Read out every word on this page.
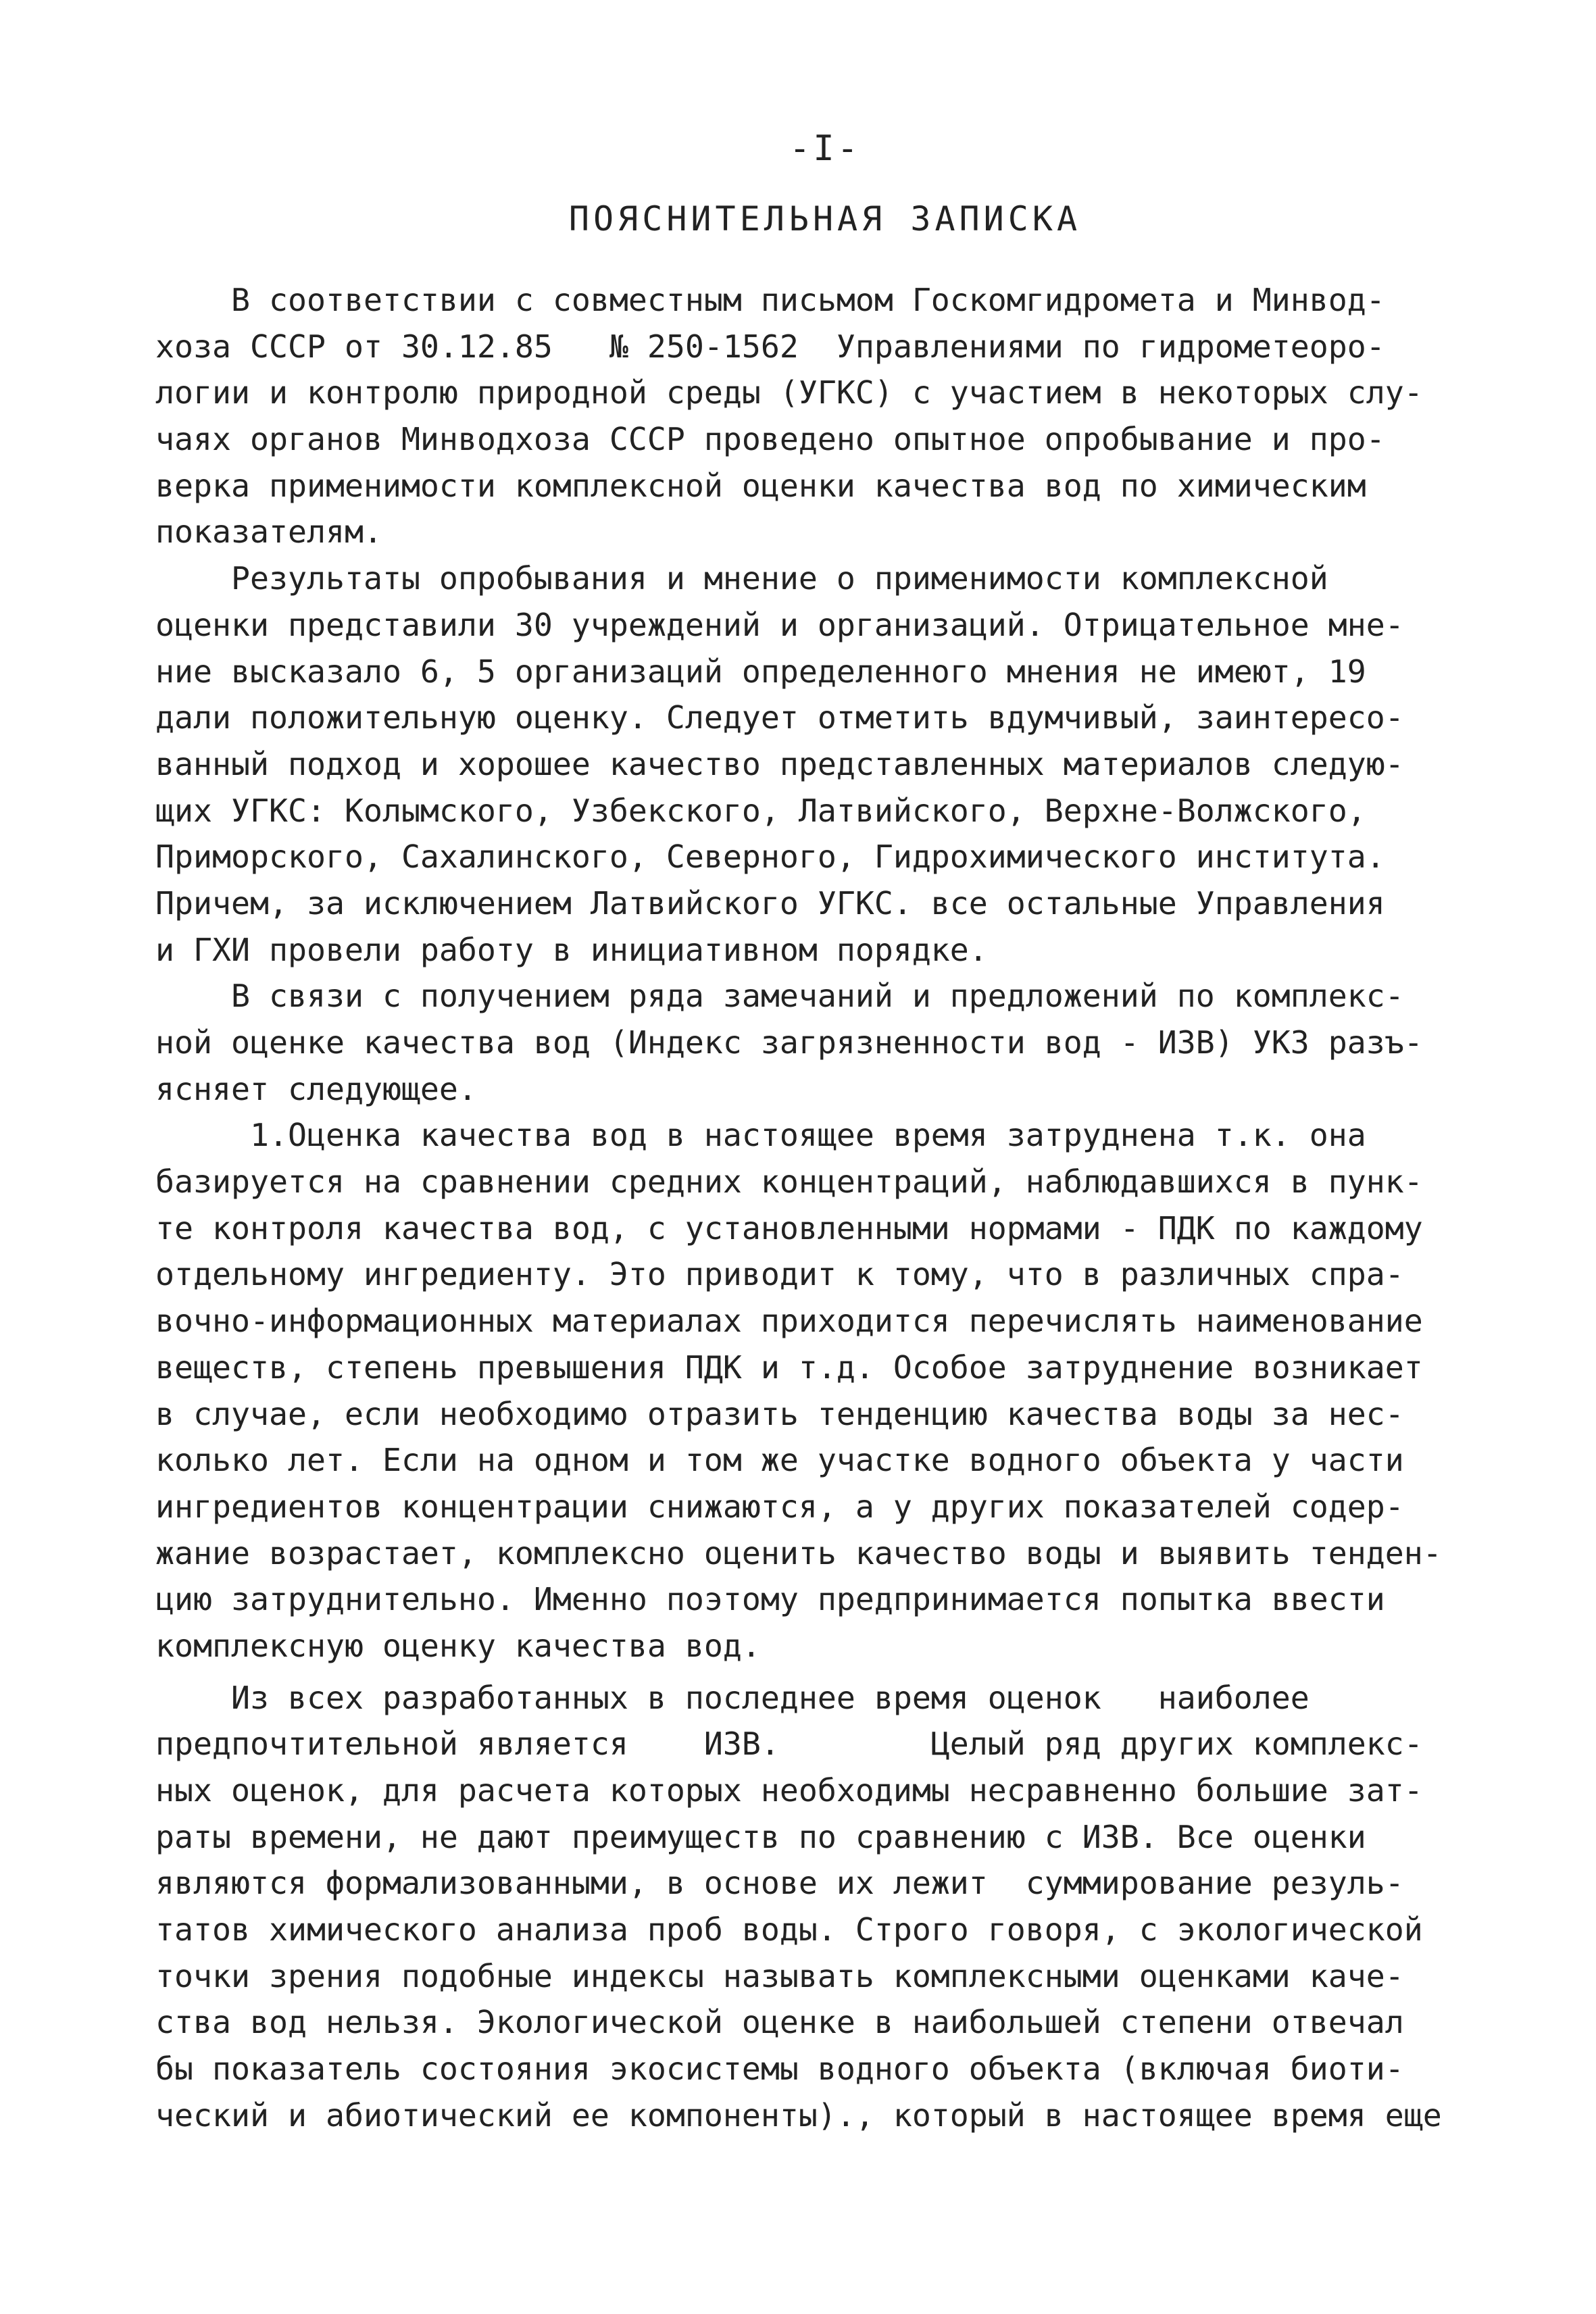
-I-
ПОЯСНИТЕЛЬНАЯ ЗАПИСКА
В соответствии с совместным письмом Госкомгидромета и Минвод-
хоза СССР от 30.12.85   № 250-1562  Управлениями по гидрометеоро-
логии и контролю природной среды (УГКС) с участием в некоторых слу-
чаях органов Минводхоза СССР проведено опытное опробывание и про-
верка применимости комплексной оценки качества вод по химическим
показателям.
Результаты опробывания и мнение о применимости комплексной
оценки представили 30 учреждений и организаций. Отрицательное мне-
ние высказало 6, 5 организаций определенного мнения не имеют, 19
дали положительную оценку. Следует отметить вдумчивый, заинтересо-
ванный подход и хорошее качество представленных материалов следую-
щих УГКС: Колымского, Узбекского, Латвийского, Верхне-Волжского,
Приморского, Сахалинского, Северного, Гидрохимического института.
Причем, за исключением Латвийского УГКС. все остальные Управления
и ГХИ провели работу в инициативном порядке.
В связи с получением ряда замечаний и предложений по комплекс-
ной оценке качества вод (Индекс загрязненности вод - ИЗВ) УКЗ разъ-
ясняет следующее.
1.Оценка качества вод в настоящее время затруднена т.к. она
базируется на сравнении средних концентраций, наблюдавшихся в пунк-
те контроля качества вод, с установленными нормами - ПДК по каждому
отдельному ингредиенту. Это приводит к тому, что в различных спра-
вочно-информационных материалах приходится перечислять наименование
веществ, степень превышения ПДК и т.д. Особое затруднение возникает
в случае, если необходимо отразить тенденцию качества воды за нес-
колько лет. Если на одном и том же участке водного объекта у части
ингредиентов концентрации снижаются, а у других показателей содер-
жание возрастает, комплексно оценить качество воды и выявить тенден-
цию затруднительно. Именно поэтому предпринимается попытка ввести
комплексную оценку качества вод.
Из всех разработанных в последнее время оценок   наиболее
предпочтительной является    ИЗВ.        Целый ряд других комплекс-
ных оценок, для расчета которых необходимы несравненно большие зат-
раты времени, не дают преимуществ по сравнению с ИЗВ. Все оценки
являются формализованными, в основе их лежит  суммирование резуль-
татов химического анализа проб воды. Строго говоря, с экологической
точки зрения подобные индексы называть комплексными оценками каче-
ства вод нельзя. Экологической оценке в наибольшей степени отвечал
бы показатель состояния экосистемы водного объекта (включая биоти-
ческий и абиотический ее компоненты)., который в настоящее время еще
